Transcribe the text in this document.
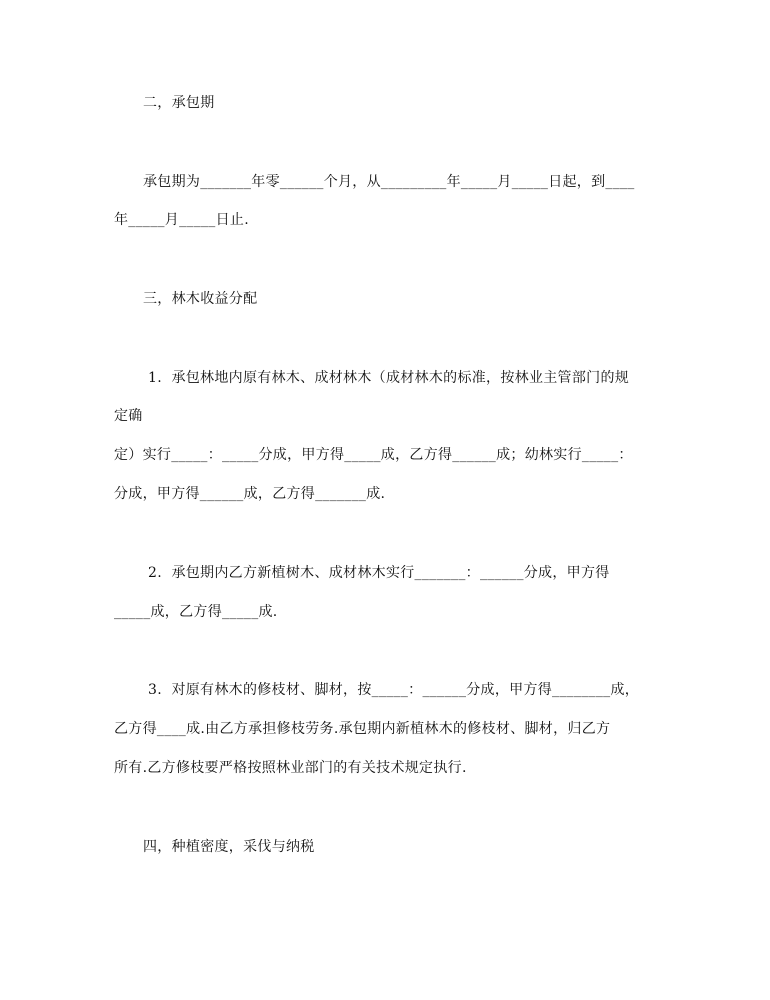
二，承包期
承包期为_______年零______个月，从_________年_____月_____日起，到____
年_____月_____日止.
三，林木收益分配
1.  承包林地内原有林木、成材林木（成材林木的标准，按林业主管部门的规
定确
定）实行_____：_____分成，甲方得_____成，乙方得______成；幼林实行_____：
分成，甲方得______成，乙方得_______成.
2.  承包期内乙方新植树木、成材林木实行_______：______分成，甲方得
_____成，乙方得_____成.
3.  对原有林木的修枝材、脚材，按_____：______分成，甲方得________成，
乙方得____成.由乙方承担修枝劳务.承包期内新植林木的修枝材、脚材，归乙方
所有.乙方修枝要严格按照林业部门的有关技术规定执行.
四，种植密度，采伐与纳税
